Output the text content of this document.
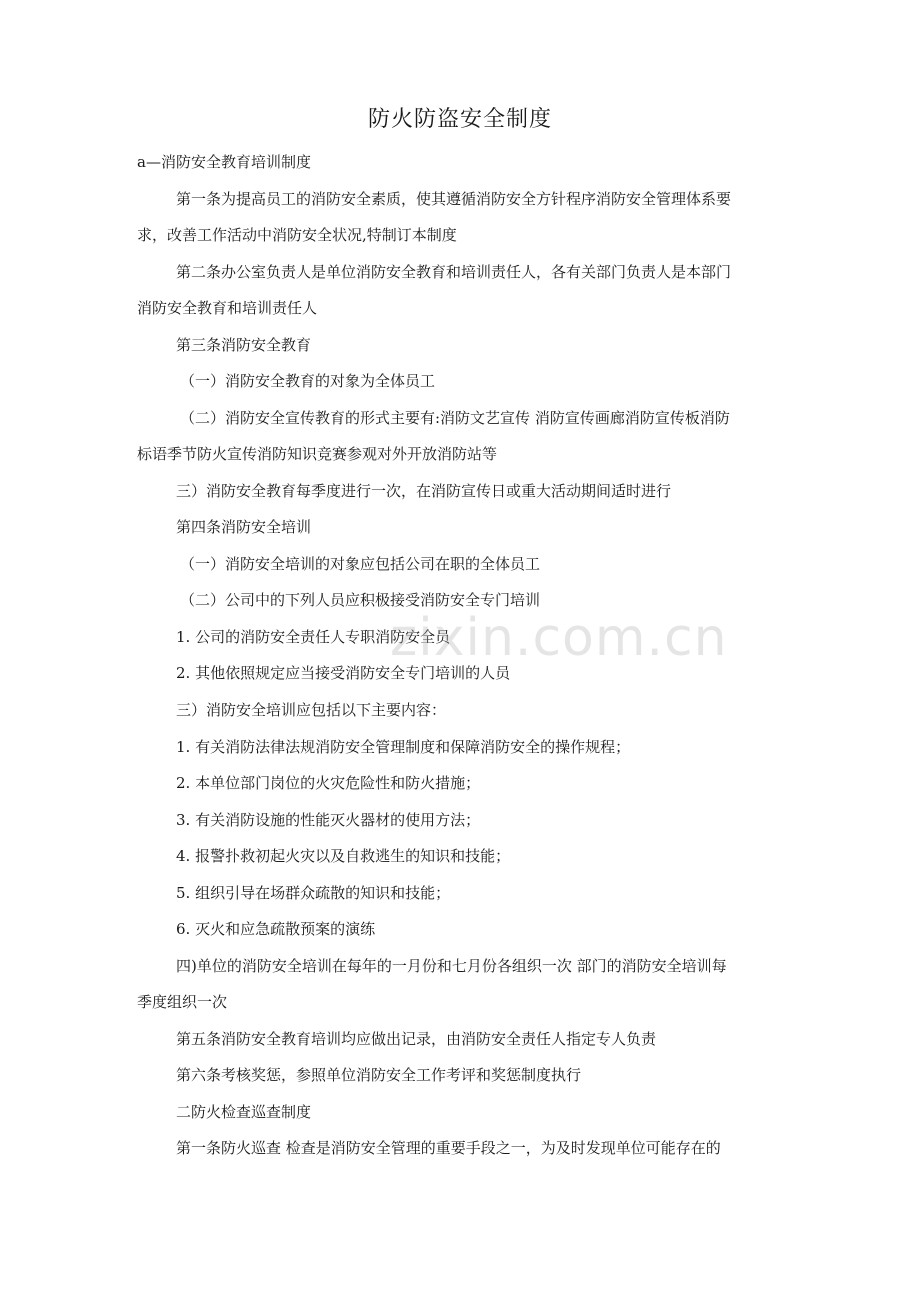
防火防盗安全制度
a—消防安全教育培训制度
第一条为提高员工的消防安全素质，使其遵循消防安全方针程序消防安全管理体系要
求，改善工作活动中消防安全状况,特制订本制度
第二条办公室负责人是单位消防安全教育和培训责任人，各有关部门负责人是本部门
消防安全教育和培训责任人
第三条消防安全教育
（一）消防安全教育的对象为全体员工
（二）消防安全宣传教育的形式主要有:消防文艺宣传 消防宣传画廊消防宣传板消防
标语季节防火宣传消防知识竞赛参观对外开放消防站等
三）消防安全教育每季度进行一次，在消防宣传日或重大活动期间适时进行
第四条消防安全培训
（一）消防安全培训的对象应包括公司在职的全体员工
（二）公司中的下列人员应积极接受消防安全专门培训
1. 公司的消防安全责任人专职消防安全员
2. 其他依照规定应当接受消防安全专门培训的人员
三）消防安全培训应包括以下主要内容：
1. 有关消防法律法规消防安全管理制度和保障消防安全的操作规程；
2. 本单位部门岗位的火灾危险性和防火措施；
3. 有关消防设施的性能灭火器材的使用方法；
4. 报警扑救初起火灾以及自救逃生的知识和技能；
5. 组织引导在场群众疏散的知识和技能；
6. 灭火和应急疏散预案的演练
四)单位的消防安全培训在每年的一月份和七月份各组织一次 部门的消防安全培训每
季度组织一次
第五条消防安全教育培训均应做出记录，由消防安全责任人指定专人负责
第六条考核奖惩，参照单位消防安全工作考评和奖惩制度执行
二防火检查巡查制度
第一条防火巡查 检查是消防安全管理的重要手段之一，为及时发现单位可能存在的
zixin.com.cn
